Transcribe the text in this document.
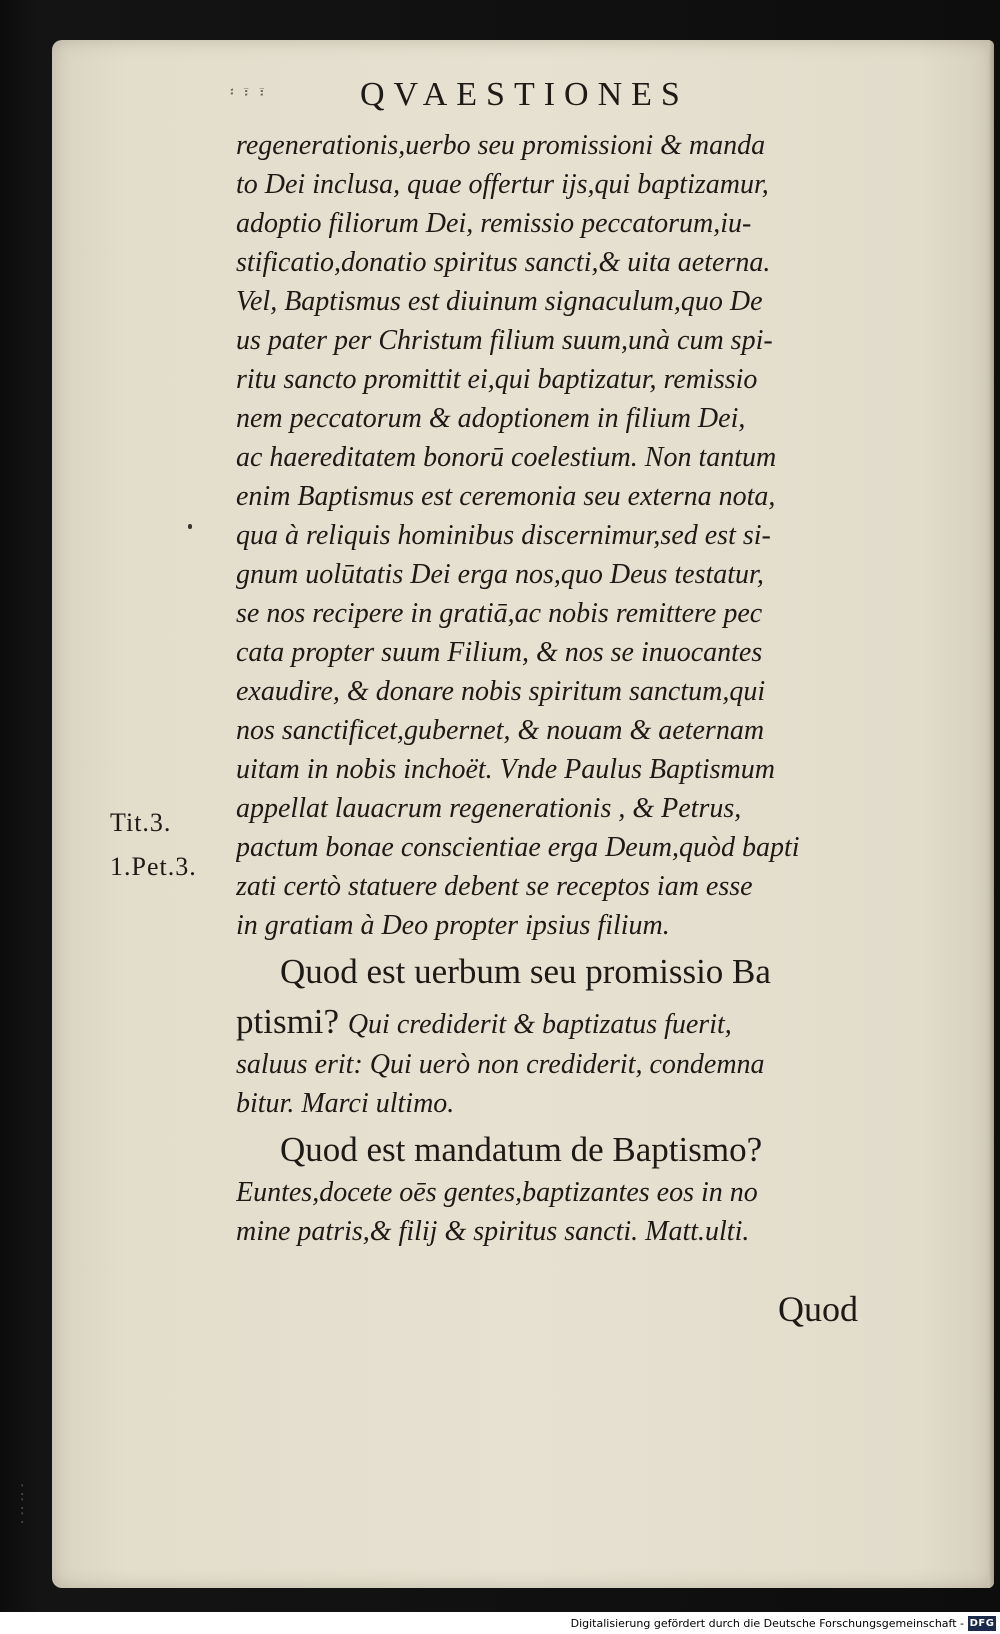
፡ ፣ ፣	QVAESTIONES
regenerationis,uerbo seu promissioni & manda
to Dei inclusa, quae offertur ijs,qui baptizamur,
adoptio filiorum Dei, remissio peccatorum,iu-
stificatio,donatio spiritus sancti,& uita aeterna.
Vel, Baptismus est diuinum signaculum,quo De
us pater per Christum filium suum,unà cum spi-
ritu sancto promittit ei,qui baptizatur, remissio
nem peccatorum & adoptionem in filium Dei,
ac haereditatem bonorū coelestium. Non tantum
enim Baptismus est ceremonia seu externa nota,
qua à reliquis hominibus discernimur,sed est si-
gnum uolūtatis Dei erga nos,quo Deus testatur,
se nos recipere in gratiā,ac nobis remittere pec
cata propter suum Filium, & nos se inuocantes
exaudire, & donare nobis spiritum sanctum,qui
nos sanctificet,gubernet, & nouam & aeternam
uitam in nobis inchoët. Vnde Paulus Baptismum
appellat lauacrum regenerationis , & Petrus,
pactum bonae conscientiae erga Deum,quòd bapti
zati certò statuere debent se receptos iam esse
in gratiam à Deo propter ipsius filium.
Quod est uerbum seu promissio Ba
ptismi? Qui crediderit & baptizatus fuerit,
saluus erit: Qui uerò non crediderit, condemna
bitur. Marci ultimo.
Quod est mandatum de Baptismo?
Euntes,docete oēs gentes,baptizantes eos in no
mine patris,& filij & spiritus sancti. Matt.ulti.
Tit.3.
1.Pet.3.
Quod
⁚
⁚
⁚
Digitalisierung gefördert durch die Deutsche Forschungsgemeinschaft - DFG
